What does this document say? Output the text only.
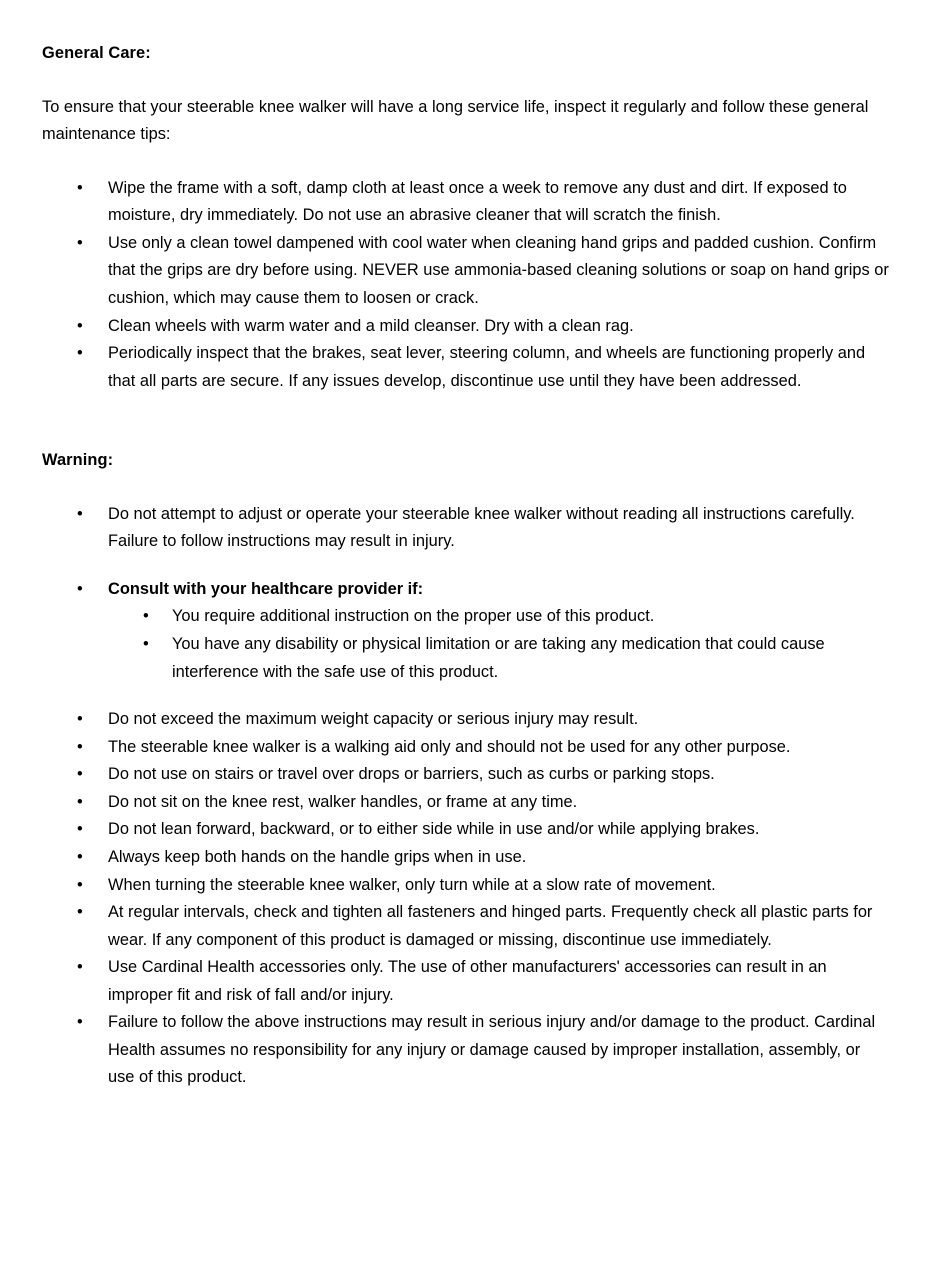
General Care:

To ensure that your steerable knee walker will have a long service life, inspect it regularly and follow these general maintenance tips:

•	Wipe the frame with a soft, damp cloth at least once a week to remove any dust and dirt. If exposed to moisture, dry immediately. Do not use an abrasive cleaner that will scratch the finish.
•	Use only a clean towel dampened with cool water when cleaning hand grips and padded cushion. Confirm that the grips are dry before using. NEVER use ammonia-based cleaning solutions or soap on hand grips or cushion, which may cause them to loosen or crack.
•	Clean wheels with warm water and a mild cleanser. Dry with a clean rag.
•	Periodically inspect that the brakes, seat lever, steering column, and wheels are functioning properly and that all parts are secure. If any issues develop, discontinue use until they have been addressed.
Warning:
•	Do not attempt to adjust or operate your steerable knee walker without reading all instructions carefully. Failure to follow instructions may result in injury.
•	Consult with your healthcare provider if:
•	You require additional instruction on the proper use of this product.
•	You have any disability or physical limitation or are taking any medication that could cause interference with the safe use of this product.
•	Do not exceed the maximum weight capacity or serious injury may result.
•	The steerable knee walker is a walking aid only and should not be used for any other purpose.
•	Do not use on stairs or travel over drops or barriers, such as curbs or parking stops.
•	Do not sit on the knee rest, walker handles, or frame at any time.
•	Do not lean forward, backward, or to either side while in use and/or while applying brakes.
•	Always keep both hands on the handle grips when in use.
•	When turning the steerable knee walker, only turn while at a slow rate of movement.
•	At regular intervals, check and tighten all fasteners and hinged parts. Frequently check all plastic parts for wear. If any component of this product is damaged or missing, discontinue use immediately.
•	Use Cardinal Health accessories only. The use of other manufacturers' accessories can result in an improper fit and risk of fall and/or injury.
•	Failure to follow the above instructions may result in serious injury and/or damage to the product. Cardinal Health assumes no responsibility for any injury or damage caused by improper installation, assembly, or use of this product.
